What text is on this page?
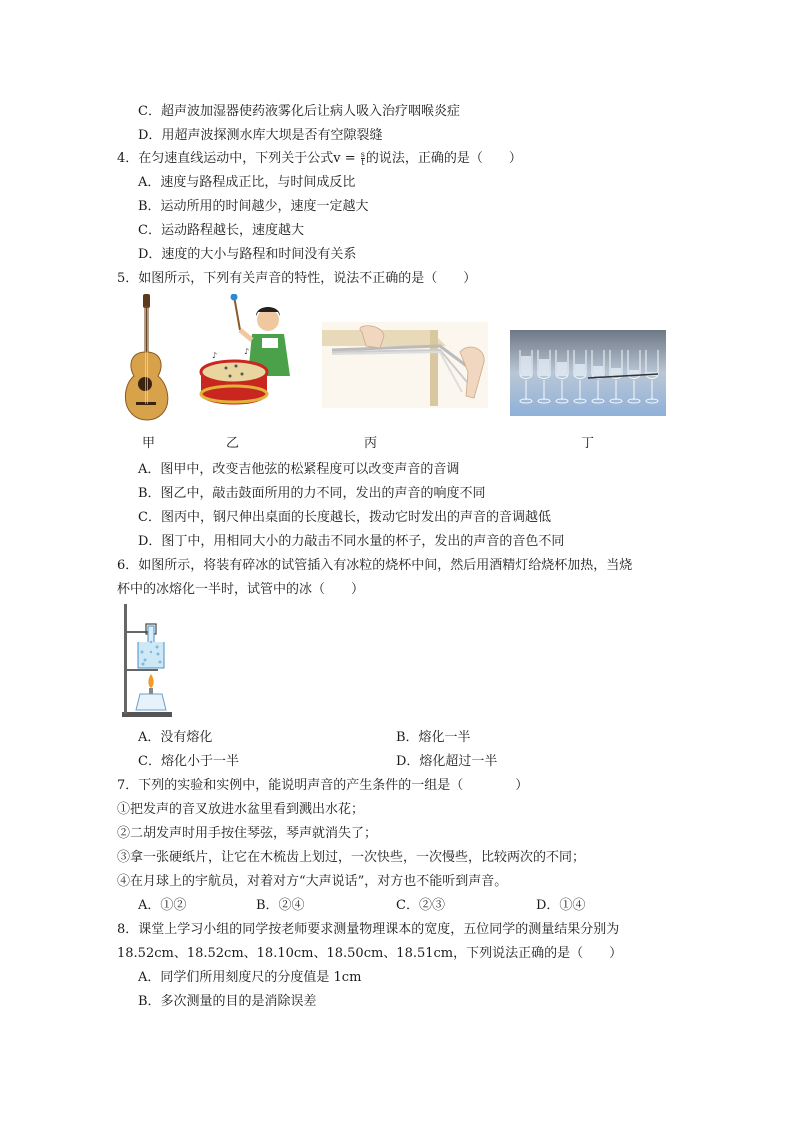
C．超声波加湿器使药液雾化后让病人吸入治疗咽喉炎症
D．用超声波探测水库大坝是否有空隙裂缝
4．在匀速直线运动中，下列关于公式$v = \frac{s}{t}$ 的说法，正确的是（　　）
A．速度与路程成正比，与时间成反比
B．运动所用的时间越少，速度一定越大
C．运动路程越长，速度越大
D．速度的大小与路程和时间没有关系
5．如图所示，下列有关声音的特性，说法不正确的是（　　）
♪	♪
甲	乙	丙	丁
A．图甲中，改变吉他弦的松紧程度可以改变声音的音调
B．图乙中，敲击鼓面所用的力不同，发出的声音的响度不同
C．图丙中，钢尺伸出桌面的长度越长，拨动它时发出的声音的音调越低
D．图丁中，用相同大小的力敲击不同水量的杯子，发出的声音的音色不同
6．如图所示，将装有碎冰的试管插入有冰粒的烧杯中间，然后用酒精灯给烧杯加热，当烧
杯中的冰熔化一半时，试管中的冰（　　）
A．没有熔化	B．熔化一半
C．熔化小于一半	D．熔化超过一半
7．下列的实验和实例中，能说明声音的产生条件的一组是（　　　　）
①把发声的音叉放进水盆里看到溅出水花；
②二胡发声时用手按住琴弦，琴声就消失了；
③拿一张硬纸片，让它在木梳齿上划过，一次快些，一次慢些，比较两次的不同；
④在月球上的宇航员，对着对方“大声说话”，对方也不能听到声音。
A．①②	B．②④	C．②③	D．①④
8．课堂上学习小组的同学按老师要求测量物理课本的宽度，五位同学的测量结果分别为
18.52cm、18.52cm、18.10cm、18.50cm、18.51cm，下列说法正确的是（　　）
A．同学们所用刻度尺的分度值是 1cm
B．多次测量的目的是消除误差
